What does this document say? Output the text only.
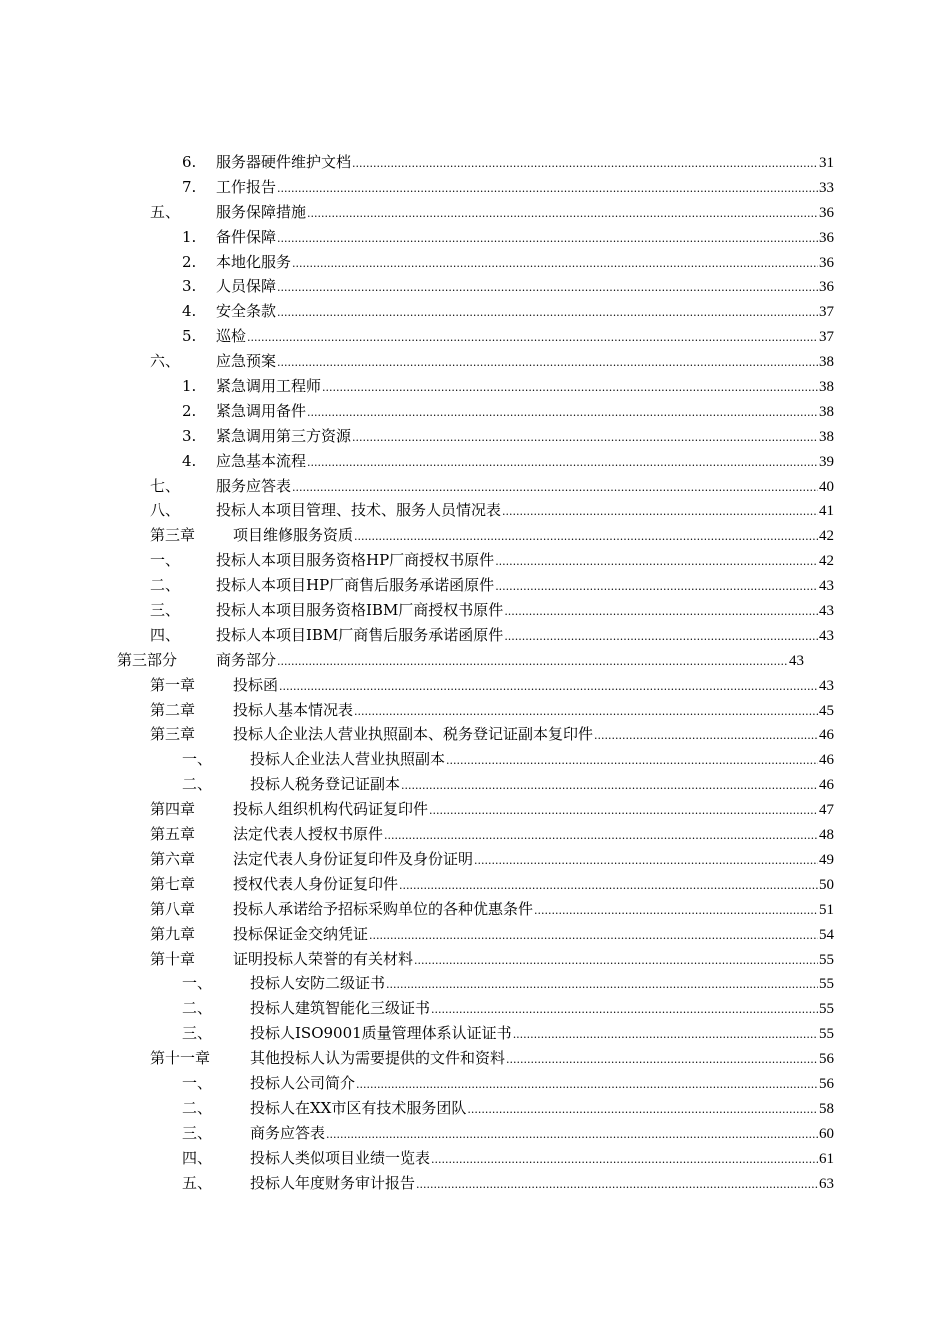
6. 服务器硬件维护文档 .....	31
7. 工作报告 .....	33
五、 服务保障措施 .....	36
1. 备件保障 .....	36
2. 本地化服务 .....	36
3. 人员保障 .....	36
4. 安全条款 .....	37
5. 巡检 .....	37
六、 应急预案 .....	38
1. 紧急调用工程师 .....	38
2. 紧急调用备件 .....	38
3. 紧急调用第三方资源 .....	38
4. 应急基本流程 .....	39
七、 服务应答表 .....	40
八、 投标人本项目管理、技术、服务人员情况表 .....	41
第三章	项目维修服务资质 .....	42
一、 投标人本项目服务资格HP厂商授权书原件 .....	42
二、 投标人本项目HP厂商售后服务承诺函原件 .....	43
三、 投标人本项目服务资格IBM厂商授权书原件 .....	43
四、 投标人本项目IBM厂商售后服务承诺函原件 .....	43
第三部分	商务部分 .....	43
第一章	投标函 .....	43
第二章	投标人基本情况表 .....	45
第三章	投标人企业法人营业执照副本、税务登记证副本复印件 .....	46
一、	投标人企业法人营业执照副本 .....	46
二、	投标人税务登记证副本 .....	46
第四章	投标人组织机构代码证复印件 .....	47
第五章	法定代表人授权书原件 .....	48
第六章	法定代表人身份证复印件及身份证明 .....	49
第七章	授权代表人身份证复印件 .....	50
第八章	投标人承诺给予招标采购单位的各种优惠条件 .....	51
第九章	投标保证金交纳凭证 .....	54
第十章	证明投标人荣誉的有关材料 .....	55
一、	投标人安防二级证书 .....	55
二、	投标人建筑智能化三级证书 .....	55
三、	投标人ISO9001质量管理体系认证证书 .....	55
第十一章	其他投标人认为需要提供的文件和资料 .....	56
一、	投标人公司简介 .....	56
二、	投标人在XX市区有技术服务团队 .....	58
三、	商务应答表 .....	60
四、	投标人类似项目业绩一览表 .....	61
五、	投标人年度财务审计报告 .....	63
